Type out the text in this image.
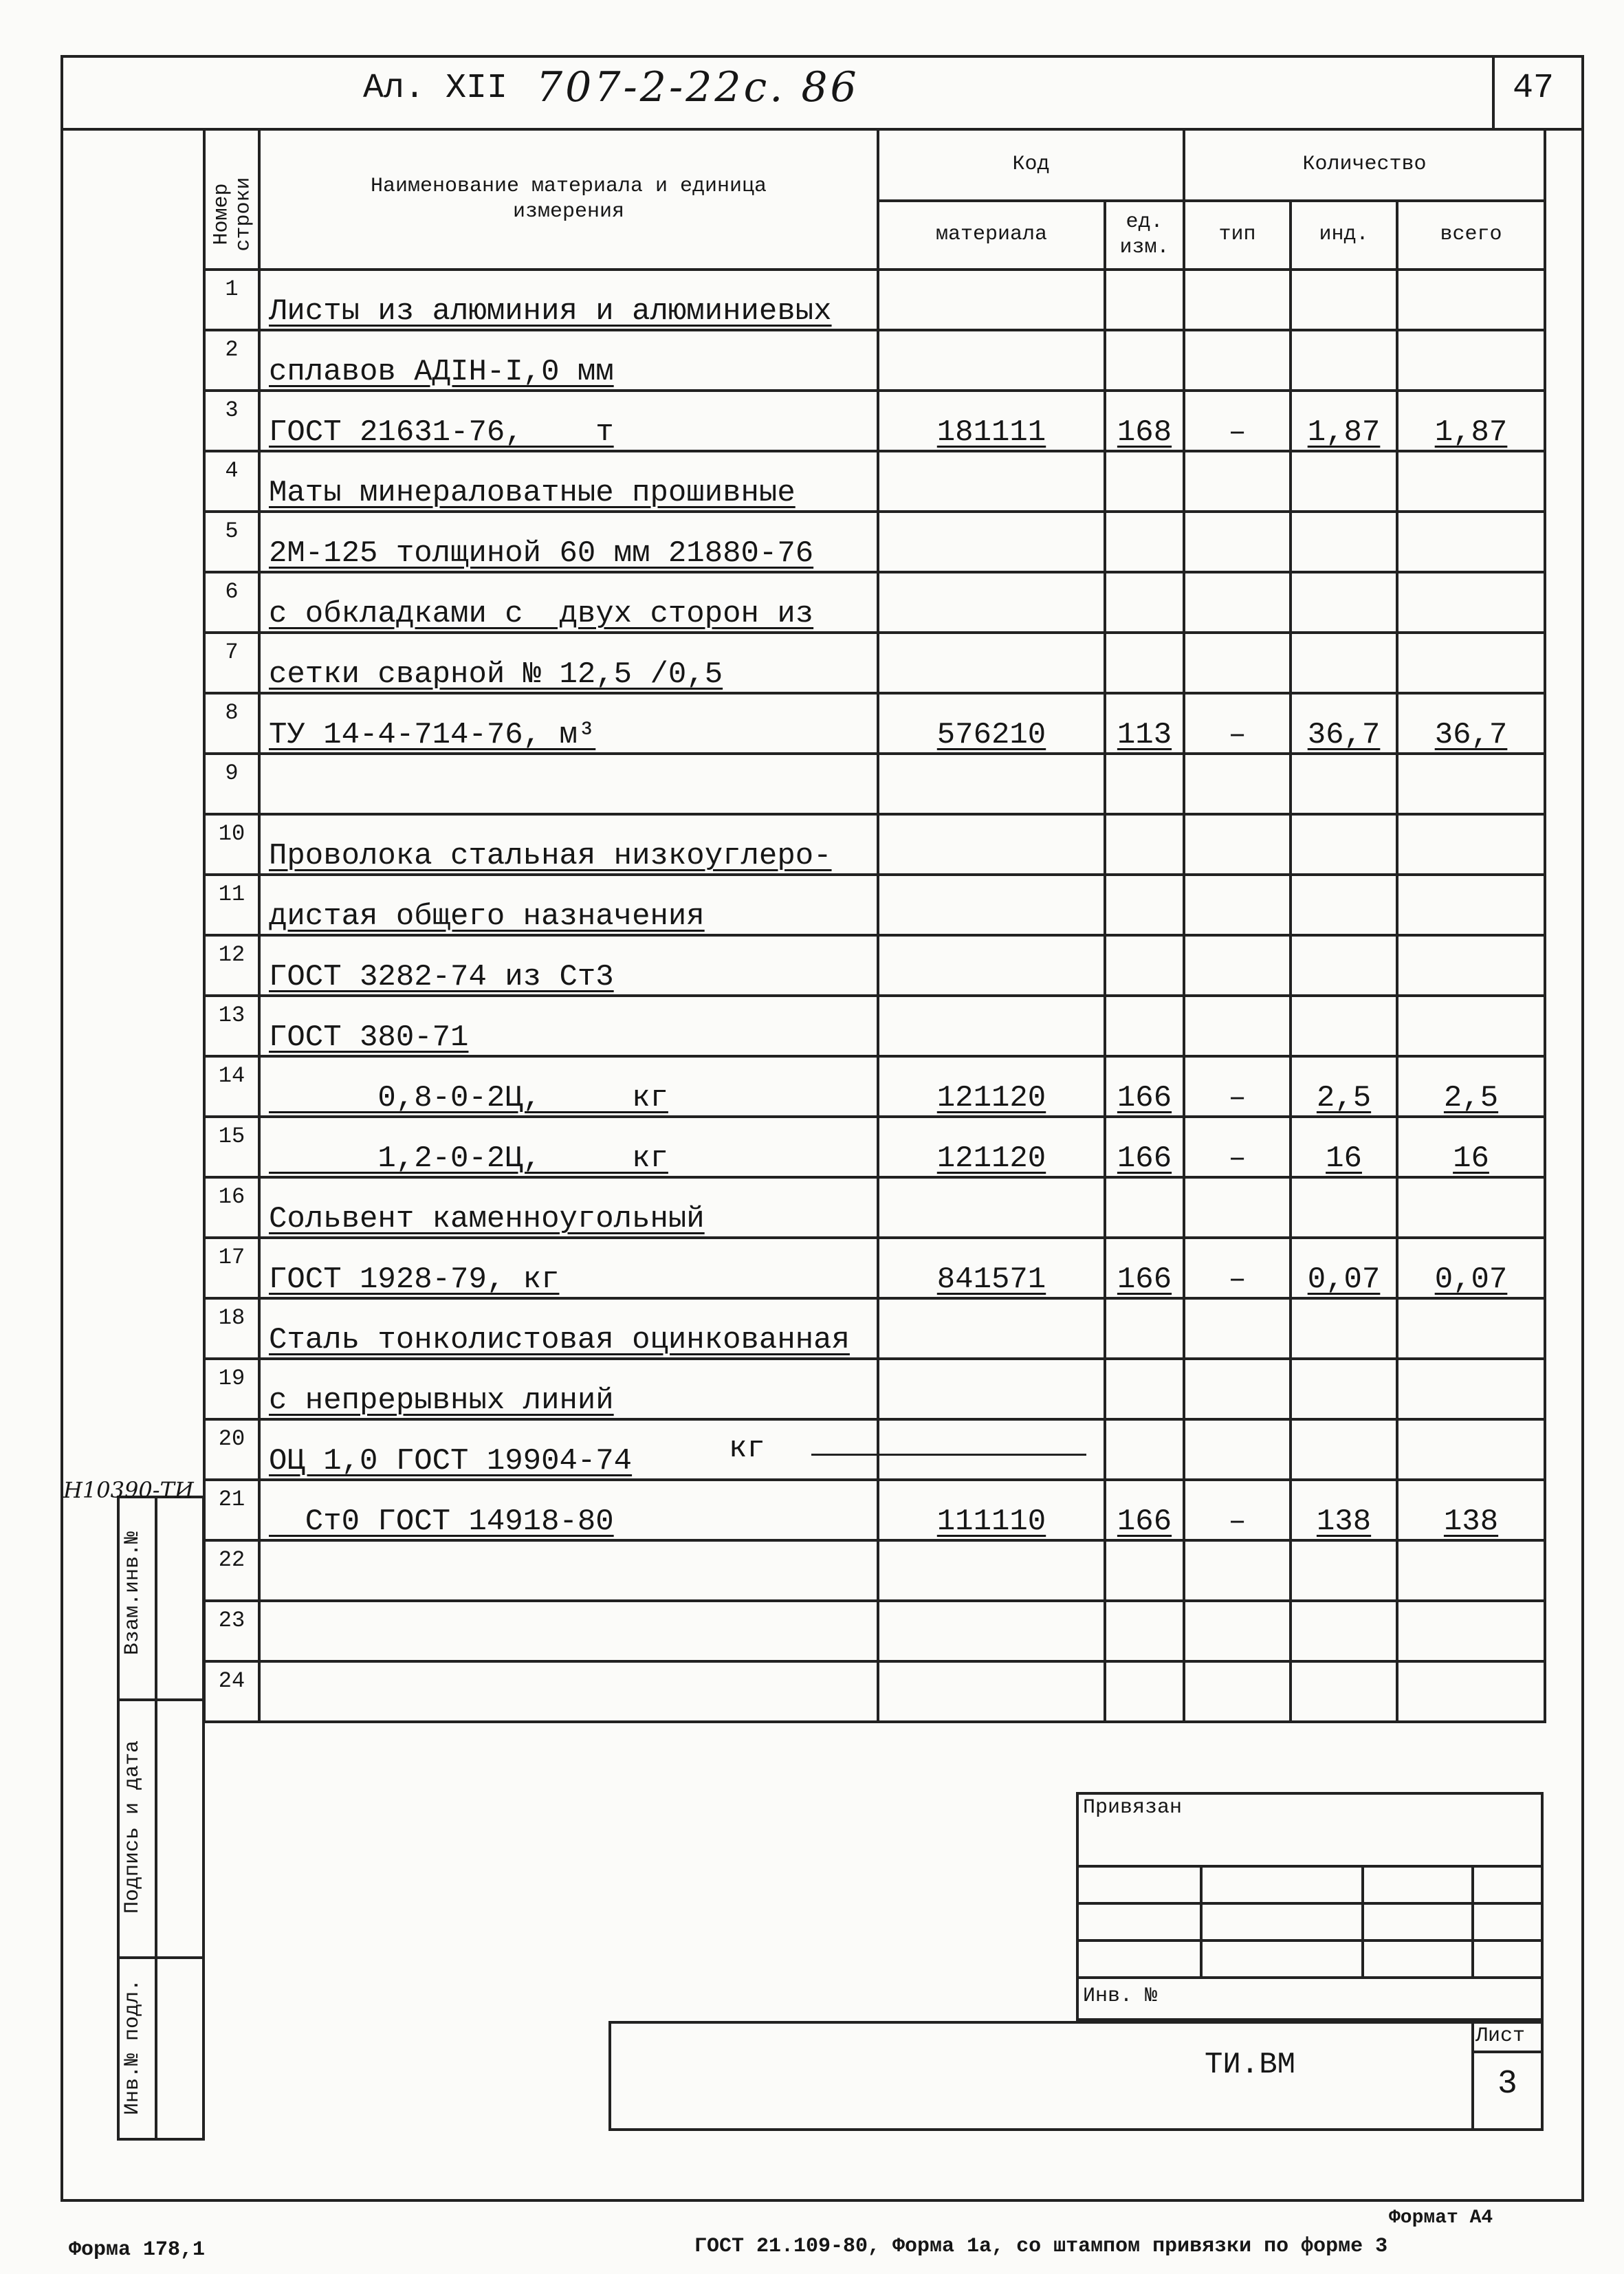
Ал. XII 707-2-22с. 86	47
Номер строки	Наименование материала и единица измерения	Код		Количество		
		материала	ед. изм.	тип	инд.	всего
1	Листы из алюминия и алюминиевых					
2	сплавов АДIН-I,0 мм					
3	ГОСТ 21631-76,    т	181111	168	–	1,87	1,87
4	Маты минераловатные прошивные					
5	2М-125 толщиной 60 мм 21880-76					
6	с обкладками с  двух сторон из					
7	сетки сварной № 12,5 /0,5					
8	ТУ 14-4-714-76, м³	576210	113	–	36,7	36,7
9						
10	Проволока стальная низкоуглеро-					
11	дистая общего назначения					
12	ГОСТ 3282-74 из Ст3					
13	ГОСТ 380-71					
14	0,8-0-2Ц,     кг	121120	166	–	2,5	2,5
15	1,2-0-2Ц,     кг	121120	166	–	16	16
16	Сольвент каменноугольный					
17	ГОСТ 1928-79, кг	841571	166	–	0,07	0,07
18	Сталь тонколистовая оцинкованная					
19	с непрерывных линий					
20	ОЦ 1,0 ГОСТ 19904-74					
21	Ст0 ГОСТ 14918-80	111110	166	–	138	138
22						
23						
24						
кг
Взам.инв.№
Подпись и дата
Инв.№ подл.
Н10390-ТИ
Привязан
Инв. №
ТИ.ВМ
Лист
3
Формат А4
Форма 178,1	ГОСТ 21.109-80, Форма 1а, со штампом привязки по форме 3
